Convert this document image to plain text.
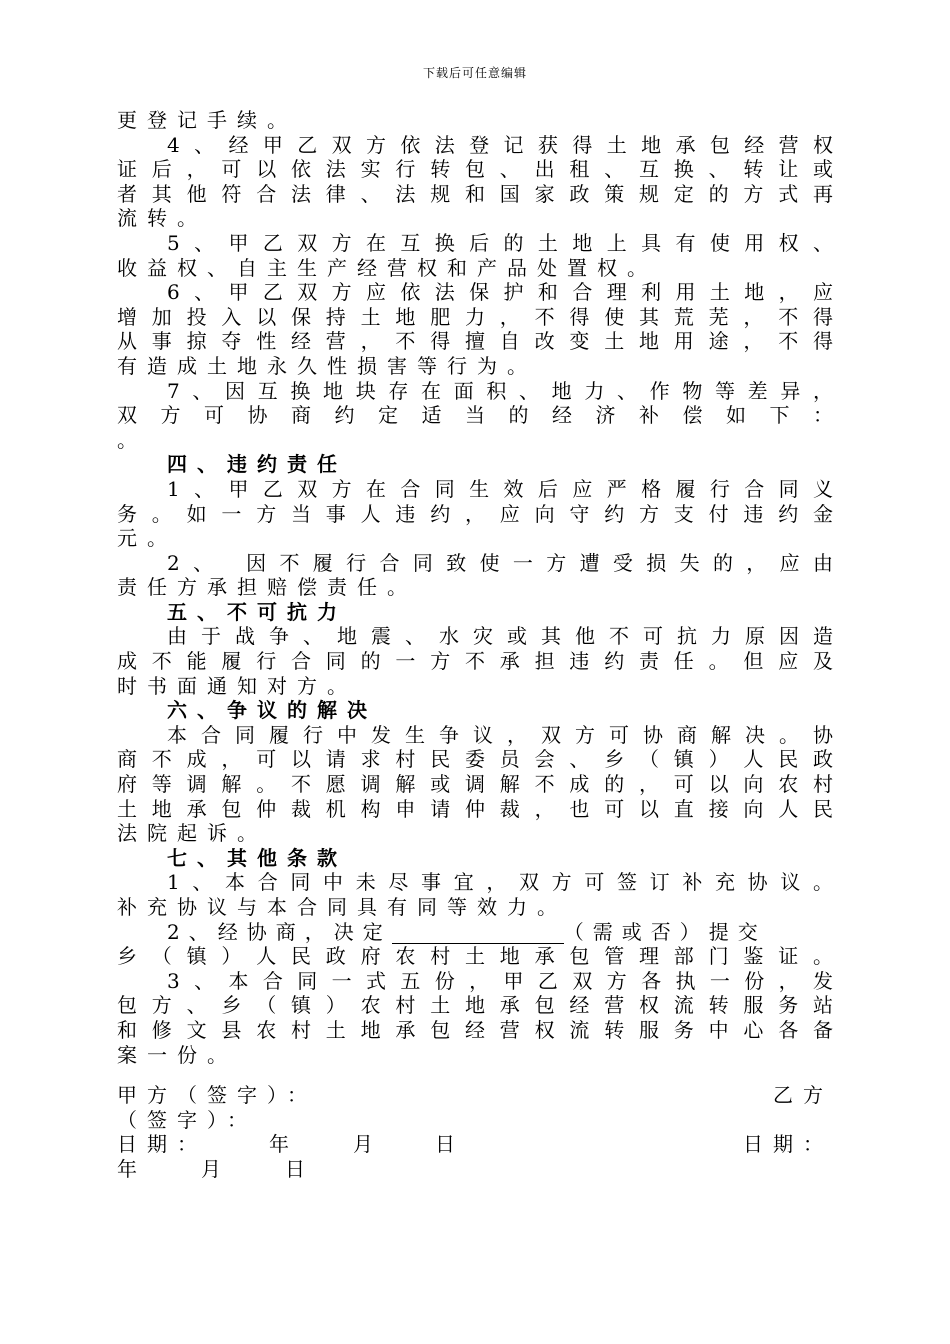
下载后可任意编辑
更登记手续。
4、经甲乙双方依法登记获得土地承包经营权
证后，可以依法实行转包、出租、互换、转让或
者其他符合法律、法规和国家政策规定的方式再
流转。
5、甲乙双方在互换后的土地上具有使用权、
收益权、自主生产经营权和产品处置权。
6、甲乙双方应依法保护和合理利用土地，应
增加投入以保持土地肥力，不得使其荒芜，不得
从事掠夺性经营，不得擅自改变土地用途，不得
有造成土地永久性损害等行为。
7、因互换地块存在面积、地力、作物等差异，
双方可协商约定适当的经济补偿如下：
。
四、违约责任
1、甲乙双方在合同生效后应严格履行合同义
务。如一方当事人违约，应向守约方支付违约金
元。
2、 因不履行合同致使一方遭受损失的，应由
责任方承担赔偿责任。
五、不可抗力
由于战争、地震、水灾或其他不可抗力原因造
成不能履行合同的一方不承担违约责任。但应及
时书面通知对方。
六、争议的解决
本合同履行中发生争议，双方可协商解决。协
商不成，可以请求村民委员会、乡（镇）人民政
府等调解。不愿调解或调解不成的，可以向农村
土地承包仲裁机构申请仲裁，也可以直接向人民
法院起诉。
七、其他条款
1、本合同中未尽事宜，双方可签订补充协议。
补充协议与本合同具有同等效力。
2、经协商，决定	（需或否）提交
乡（镇）人民政府农村土地承包管理部门鉴证。
3、本合同一式五份，甲乙双方各执一份，发
包方、乡（镇）农村土地承包经营权流转服务站
和修文县农村土地承包经营权流转服务中心各备
案一份。
甲方（签字）：	乙方
（签字）：
日期：	年	月	日	日期：
年	月	日
